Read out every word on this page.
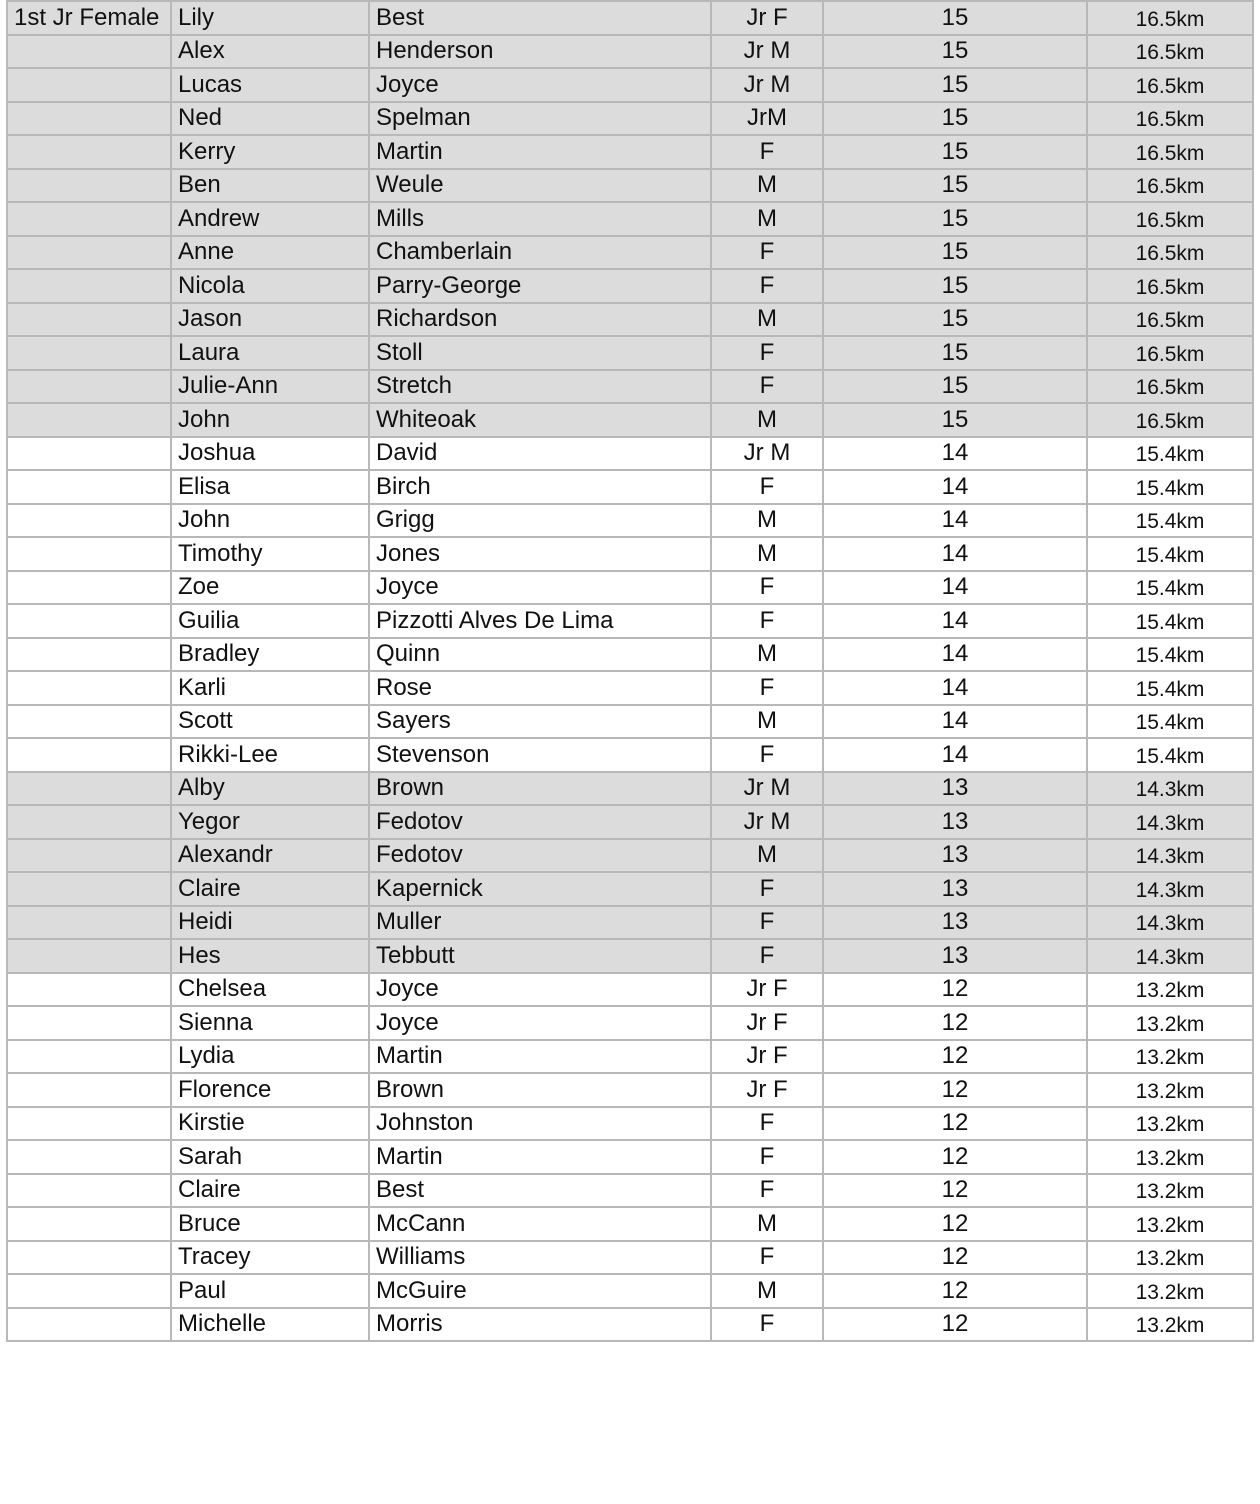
1st Jr Female	Lily	Best	Jr F	15	16.5km
	Alex	Henderson	Jr M	15	16.5km
	Lucas	Joyce	Jr M	15	16.5km
	Ned	Spelman	JrM	15	16.5km
	Kerry	Martin	F	15	16.5km
	Ben	Weule	M	15	16.5km
	Andrew	Mills	M	15	16.5km
	Anne	Chamberlain	F	15	16.5km
	Nicola	Parry-George	F	15	16.5km
	Jason	Richardson	M	15	16.5km
	Laura	Stoll	F	15	16.5km
	Julie-Ann	Stretch	F	15	16.5km
	John	Whiteoak	M	15	16.5km
	Joshua	David	Jr M	14	15.4km
	Elisa	Birch	F	14	15.4km
	John	Grigg	M	14	15.4km
	Timothy	Jones	M	14	15.4km
	Zoe	Joyce	F	14	15.4km
	Guilia	Pizzotti Alves De Lima	F	14	15.4km
	Bradley	Quinn	M	14	15.4km
	Karli	Rose	F	14	15.4km
	Scott	Sayers	M	14	15.4km
	Rikki-Lee	Stevenson	F	14	15.4km
	Alby	Brown	Jr M	13	14.3km
	Yegor	Fedotov	Jr M	13	14.3km
	Alexandr	Fedotov	M	13	14.3km
	Claire	Kapernick	F	13	14.3km
	Heidi	Muller	F	13	14.3km
	Hes	Tebbutt	F	13	14.3km
	Chelsea	Joyce	Jr F	12	13.2km
	Sienna	Joyce	Jr F	12	13.2km
	Lydia	Martin	Jr F	12	13.2km
	Florence	Brown	Jr F	12	13.2km
	Kirstie	Johnston	F	12	13.2km
	Sarah	Martin	F	12	13.2km
	Claire	Best	F	12	13.2km
	Bruce	McCann	M	12	13.2km
	Tracey	Williams	F	12	13.2km
	Paul	McGuire	M	12	13.2km
	Michelle	Morris	F	12	13.2km
